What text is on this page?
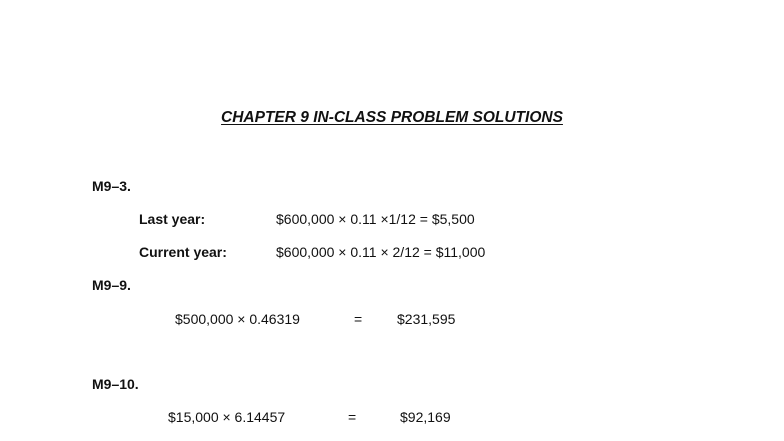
CHAPTER 9 IN-CLASS PROBLEM SOLUTIONS
M9–3.
Last year:	$600,000 × 0.11 ×1/12 = $5,500
Current year:	$600,000 × 0.11 × 2/12 = $11,000
M9–9.
$500,000 × 0.46319	= $231,595
M9–10.
$15,000 × 6.14457	=	$92,169
